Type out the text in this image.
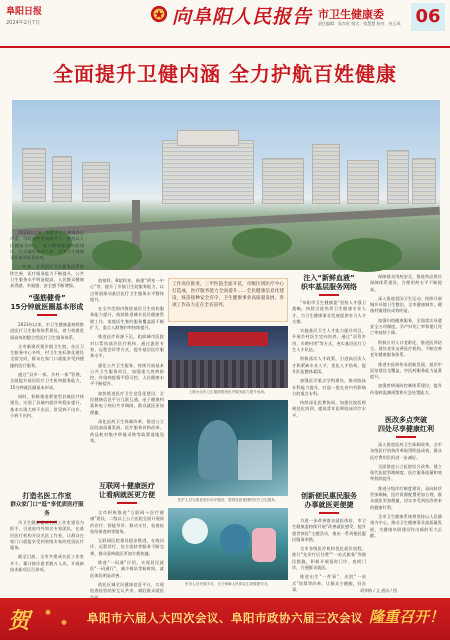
阜阳日报
2024年2月7日	向阜阳人民报告 市卫生健康委
责任编辑：朱东旺 排式：张慧慧 校对：孙玉风 06
全面提升卫健内涵 全力护航百姓健康

2023年以来，阜阳市卫生健康委在市委、市政府的坚强领导下，坚持以人民健康为中心，深入推进健康阜阳建设，扎实做好各项工作，全市卫生健康事业取得显著成效。

一年来，全市医疗卫生服务体系持续完善，医疗服务能力不断提升，公共卫生服务水平明显提高，人民群众健康获得感、幸福感、安全感不断增强。

“强筋健骨”
15分钟就医圈基本形成

2023年以来，市卫生健康委持续推进医疗卫生服务体系建设，着力构建优质高效的整合型医疗卫生服务体系。

全市新建改建乡镇卫生院、社区卫生服务中心多所，村卫生室标准化建设全面完成，群众在家门口就能享受到便捷的医疗服务。

通过“县乡一体、乡村一体”管理，全面提升基层医疗卫生机构服务能力，15分钟就医圈基本形成。

同时，积极推进紧密型县域医共体建设，实现了县域内就诊率稳步提升，基本实现大病不出县、常见病不出乡、小病不出村。

打造名医工作室
群众家门口“逛”享优质医疗服务

市卫生健康委以名医工作室建设为抓手，引进省内外知名专家团队，在基层医疗机构开设名医工作室，让群众在家门口就能享受到省级专家的优质医疗服务。

截至目前，全市共建成名医工作室多个，累计接诊患者数万人次，开展新技术新项目百余项。

放射科、B超科室，新建“两室一中心”等，提升了乡镇卫生院服务能力，以点带面推动基层医疗卫生服务水平整体提升。

在全市范围内推进基层卫生机构服务能力提升，持续推进城乡居民健康管理工作，家庭医生签约服务覆盖面不断扩大，重点人群签约率持续提升。

推进医疗资源下沉，组织城市医院对口帮扶基层医疗机构，通过派驻专家、远程会诊等方式，提升基层医疗服务水平。

强化公共卫生服务，持续开展基本公共卫生服务项目，加强重大疾病防控，传染病疫情平稳可控，人民健康水平不断提升。

加快推进医疗卫生信息化建设，全民健康信息平台互联互通，电子健康档案和电子病历共享调阅，群众就医更加便捷。

深化医药卫生体制改革，推进公立医院高质量发展，医疗服务价格改革、药品耗材集中带量采购等政策落地见效。

互联网＋健康医疗
让看病就医更方便

全市积极推进“互联网＋医疗健康”建设，二级以上公立医院全面开展预约诊疗、智能导诊、移动支付、检查检验结果查询等服务。

互联网医院建设稳步推进，在线问诊、远程诊疗、处方流转等服务不断完善，群众看病就医更加方便快捷。

推进“一码通”应用，实现居民就医“一码通行”，减少排队等候时间，就医体验明显改善。

依托区域全民健康信息平台，实现检查检验结果互认共享，减轻群众就医

工作高位推进，三甲医院全面开花，市级区域医疗中心打造成，医疗服务能力全面提升……全民健康信息化建设，疫苗接种安全有序，卫生健康事业高质量发展，各项工作奋力走在全省前列。
上图为全市卫生健康系统医疗服务能力提升现场。
医护人员为患者进行诊疗服务，提供优质便捷的医疗卫生服务。
医务人员开展手术，全力保障人民群众生命健康安全。
注入“新鲜血液”
织牢基层服务网络

“阜阳市卫生健康委”坚持人才强卫战略，持续引进培养卫生健康专业人才，为卫生健康事业发展提供有力人才支撑。

实施基层卫生人才能力提升项目，开展乡村医生定向培养，通过“县管乡用、乡聘村用”等方式，充实基层医疗卫生人才队伍。

积极落实人才政策，引进高层次人才和紧缺专业人才，优化人才结构，提升队伍整体素质。

加强医学重点学科建设，推动临床专科能力提升，打造一批在省内有影响力的重点专科。

持续深化医教协同，加强住院医师规范化培训，提高青年医师临床诊疗水平。

创新便民惠民服务
办事就医更便捷

为进一步改善群众就医体验，市卫生健康委持续开展“改善就医感受、提升患者体验”主题活动，推出一系列便民惠民服务举措。

全市各级医疗机构优化就诊流程，推行“先诊疗后付费”“一站式服务”等便民措施，积极开展延时门诊、夜间门诊，方便群众就医。

推进出生“一件事”、出院“一站式”结算等改革，让群众少跑腿、好办事。

保障群众用药安全，推进药品供应保障体系建设，合理用药水平不断提高。

深入推进爱国卫生运动，持续开展城乡环境卫生整治，全市健康城市、健康村镇建设成效明显。

加强妇幼健康服务，全面落实母婴安全五项制度，孕产妇死亡率和婴儿死亡率持续下降。

积极应对人口老龄化，推进医养结合，建设老年友善医疗机构，不断完善老年健康服务体系。

推进中医药传承创新发展，基层中医馆建设全覆盖，中医药服务能力显著提升。

加强疾病预防控制体系建设，提升传染病监测预警和应急处置能力。

医改多点突破
四处尽享健康红利

深入推进医药卫生体制改革，全市各级医疗机构改革取得明显成效，群众医疗费用负担进一步减轻。

全面推进公立医院综合改革，建立现代医院管理制度，医疗服务质量和效率持续提升。

推进分级诊疗制度建设，双向转诊更加顺畅，医疗资源配置更加合理，群众就医更加便捷，切实享受到医改带来的健康红利。

全市卫生健康系统将坚持以人民健康为中心，推动卫生健康事业高质量发展，为健康阜阳建设作出新的更大贡献。

胡华梅 / 文 通讯 / 图
贺	阜阳市六届人大四次会议、阜阳市政协六届三次会议 隆重召开！
